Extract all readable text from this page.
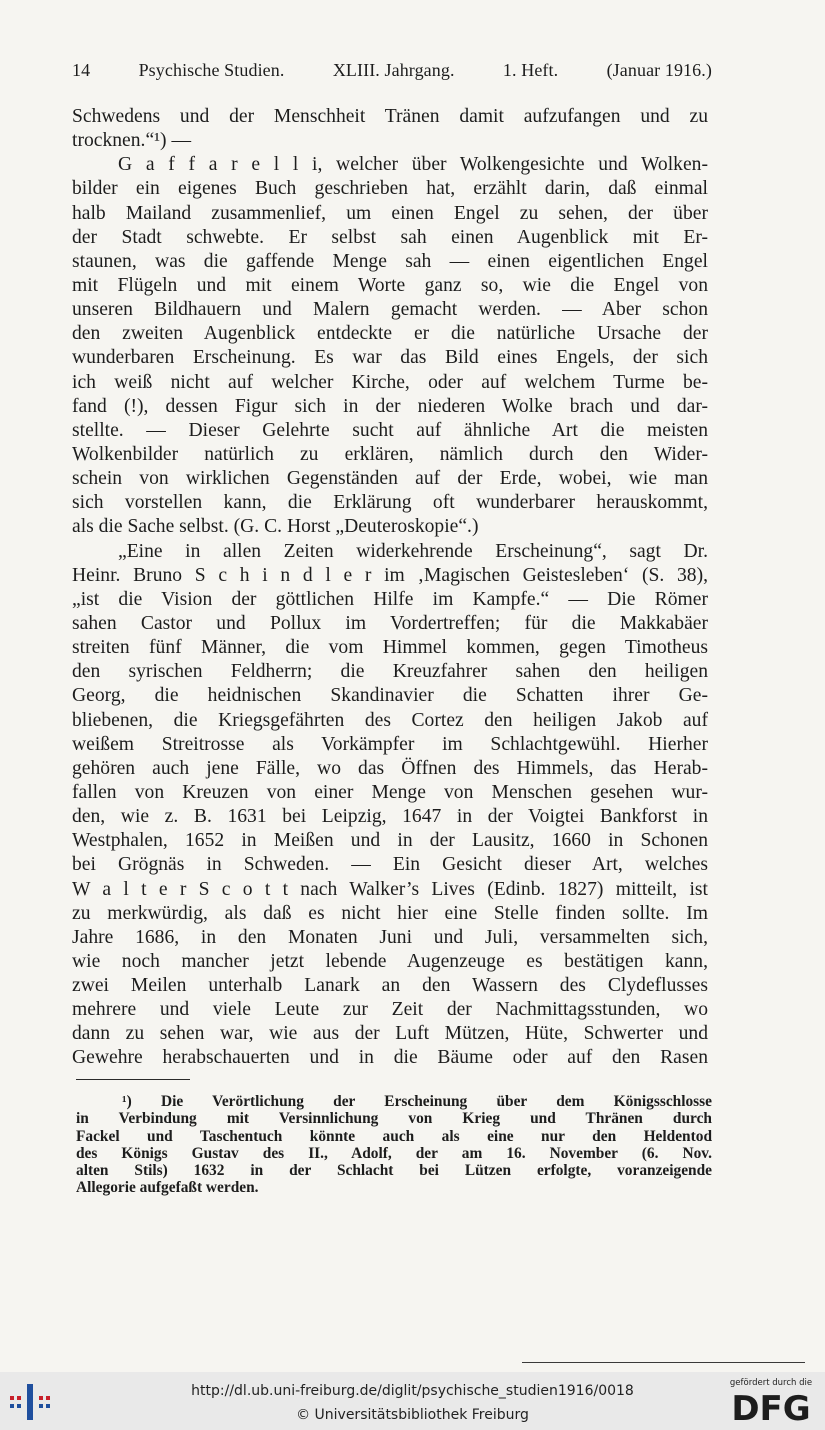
14	Psychische Studien.	XLIII. Jahrgang.	1. Heft.	(Januar 1916.)
Schwedens und der Menschheit Tränen damit aufzufangen und zu
trocknen.“¹) —
G a f f a r e l l i, welcher über Wolkengesichte und Wolken-
bilder ein eigenes Buch geschrieben hat, erzählt darin, daß einmal
halb Mailand zusammenlief, um einen Engel zu sehen, der über
der Stadt schwebte. Er selbst sah einen Augenblick mit Er-
staunen, was die gaffende Menge sah — einen eigentlichen Engel
mit Flügeln und mit einem Worte ganz so, wie die Engel von
unseren Bildhauern und Malern gemacht werden. — Aber schon
den zweiten Augenblick entdeckte er die natürliche Ursache der
wunderbaren Erscheinung. Es war das Bild eines Engels, der sich
ich weiß nicht auf welcher Kirche, oder auf welchem Turme be-
fand (!), dessen Figur sich in der niederen Wolke brach und dar-
stellte. — Dieser Gelehrte sucht auf ähnliche Art die meisten
Wolkenbilder natürlich zu erklären, nämlich durch den Wider-
schein von wirklichen Gegenständen auf der Erde, wobei, wie man
sich vorstellen kann, die Erklärung oft wunderbarer herauskommt,
als die Sache selbst. (G. C. Horst „Deuteroskopie“.)
„Eine in allen Zeiten widerkehrende Erscheinung“, sagt Dr.
Heinr. Bruno S c h i n d l e r im ‚Magischen Geistesleben‘ (S. 38),
„ist die Vision der göttlichen Hilfe im Kampfe.“ — Die Römer
sahen Castor und Pollux im Vordertreffen; für die Makkabäer
streiten fünf Männer, die vom Himmel kommen, gegen Timotheus
den syrischen Feldherrn; die Kreuzfahrer sahen den heiligen
Georg, die heidnischen Skandinavier die Schatten ihrer Ge-
bliebenen, die Kriegsgefährten des Cortez den heiligen Jakob auf
weißem Streitrosse als Vorkämpfer im Schlachtgewühl. Hierher
gehören auch jene Fälle, wo das Öffnen des Himmels, das Herab-
fallen von Kreuzen von einer Menge von Menschen gesehen wur-
den, wie z. B. 1631 bei Leipzig, 1647 in der Voigtei Bankforst in
Westphalen, 1652 in Meißen und in der Lausitz, 1660 in Schonen
bei Grögnäs in Schweden. — Ein Gesicht dieser Art, welches
W a l t e r S c o t t nach Walker’s Lives (Edinb. 1827) mitteilt, ist
zu merkwürdig, als daß es nicht hier eine Stelle finden sollte. Im
Jahre 1686, in den Monaten Juni und Juli, versammelten sich,
wie noch mancher jetzt lebende Augenzeuge es bestätigen kann,
zwei Meilen unterhalb Lanark an den Wassern des Clydeflusses
mehrere und viele Leute zur Zeit der Nachmittagsstunden, wo
dann zu sehen war, wie aus der Luft Mützen, Hüte, Schwerter und
Gewehre herabschauerten und in die Bäume oder auf den Rasen
¹) Die Verörtlichung der Erscheinung über dem Königsschlosse
in Verbindung mit Versinnlichung von Krieg und Thränen durch
Fackel und Taschentuch könnte auch als eine nur den Heldentod
des Königs Gustav des II., Adolf, der am 16. November (6. Nov.
alten Stils) 1632 in der Schlacht bei Lützen erfolgte, voranzeigende
Allegorie aufgefaßt werden.
http://dl.ub.uni-freiburg.de/diglit/psychische_studien1916/0018
© Universitätsbibliothek Freiburg
gefördert durch die
DFG
